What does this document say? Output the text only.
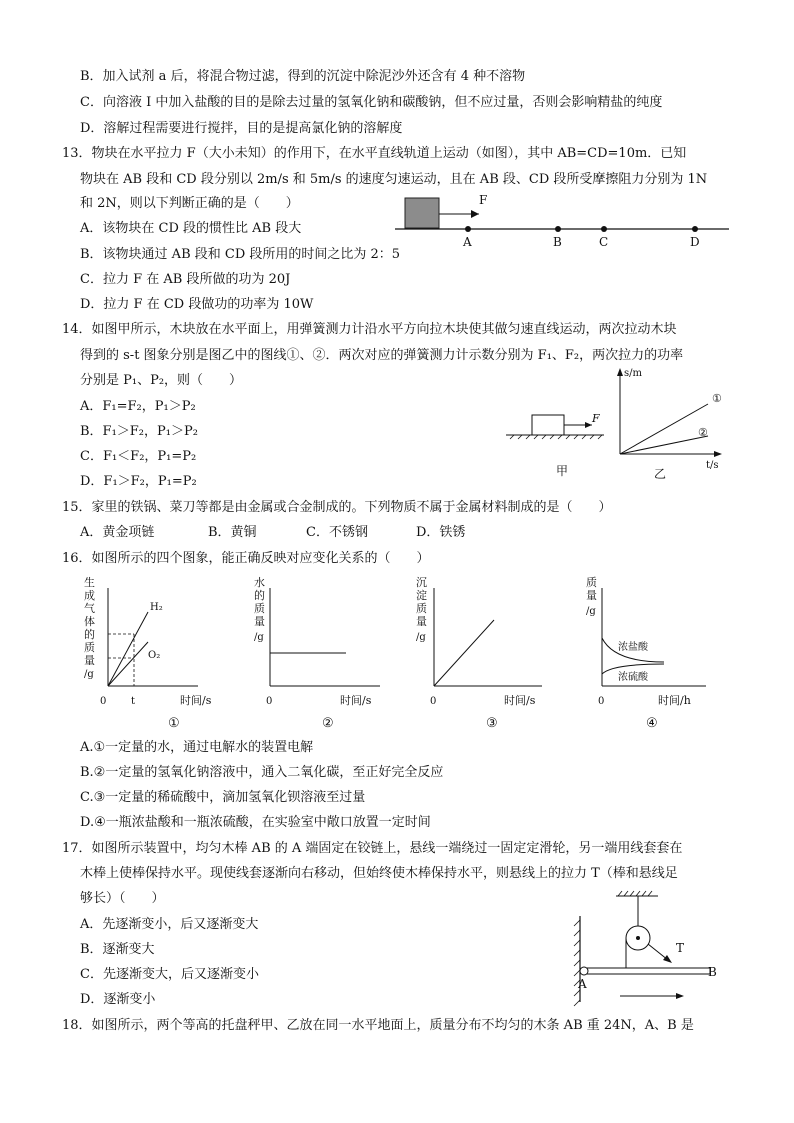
B．加入试剂 a 后，将混合物过滤，得到的沉淀中除泥沙外还含有 4 种不溶物
C．向溶液 I 中加入盐酸的目的是除去过量的氢氧化钠和碳酸钠，但不应过量，否则会影响精盐的纯度
D．溶解过程需要进行搅拌，目的是提高氯化钠的溶解度
13．物块在水平拉力 F（大小未知）的作用下，在水平直线轨道上运动（如图），其中 AB=CD=10m．已知
物块在 AB 段和 CD 段分别以 2m/s 和 5m/s 的速度匀速运动，且在 AB 段、CD 段所受摩擦阻力分别为 1N
和 2N，则以下判断正确的是（　　）
A．该物块在 CD 段的惯性比 AB 段大
B．该物块通过 AB 段和 CD 段所用的时间之比为 2：5
C．拉力 F 在 AB 段所做的功为 20J
D．拉力 F 在 CD 段做功的功率为 10W
F
A	B	C	D
14．如图甲所示，木块放在水平面上，用弹簧测力计沿水平方向拉木块使其做匀速直线运动，两次拉动木块
得到的 s-t 图象分别是图乙中的图线①、②．两次对应的弹簧测力计示数分别为 F₁、F₂，两次拉力的功率
分别是 P₁、P₂，则（　　）
A．F₁=F₂，P₁＞P₂
B．F₁＞F₂，P₁＞P₂
C．F₁＜F₂，P₁=P₂
D．F₁＞F₂，P₁=P₂
F
甲
s/m
t/s
①
②
乙
15．家里的铁锅、菜刀等都是由金属或合金制成的。下列物质不属于金属材料制成的是（　　）
A．黄金项链	B．黄铜	C．不锈钢	D．铁锈
16．如图所示的四个图象，能正确反映对应变化关系的（　　）
生
成
气
体
的
质
量
/g
H₂
O₂
0 t	时间/s
①
水
的
质
量
/g
0	时间/s
②
沉
淀
质
量
/g
0	时间/s
③
质
量
/g
浓盐酸
浓硫酸
0	时间/h
④
A.①一定量的水，通过电解水的装置电解
B.②一定量的氢氧化钠溶液中，通入二氧化碳，至正好完全反应
C.③一定量的稀硫酸中，滴加氢氧化钡溶液至过量
D.④一瓶浓盐酸和一瓶浓硫酸，在实验室中敞口放置一定时间
17．如图所示装置中，均匀木棒 AB 的 A 端固定在铰链上，悬线一端绕过一固定定滑轮，另一端用线套套在
木棒上使棒保持水平。现使线套逐渐向右移动，但始终使木棒保持水平，则悬线上的拉力 T（棒和悬线足
够长）（　　）
A．先逐渐变小，后又逐渐变大
B．逐渐变大
C．先逐渐变大，后又逐渐变小
D．逐渐变小
T
A
B
18．如图所示，两个等高的托盘秤甲、乙放在同一水平地面上，质量分布不均匀的木条 AB 重 24N，A、B 是
